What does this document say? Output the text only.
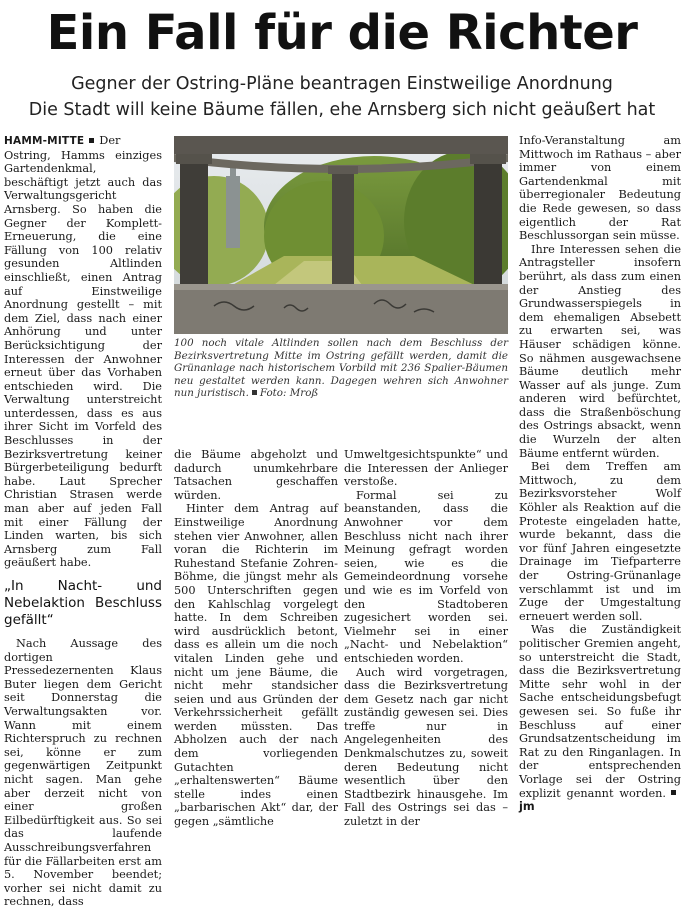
Ein Fall für die Richter
Gegner der Ostring-Pläne beantragen Einstweilige Anordnung
Die Stadt will keine Bäume fällen, ehe Arnsberg sich nicht geäußert hat

HAMM-MITTE Der Ostring, Hamms einziges Gartendenkmal, beschäftigt jetzt auch das Verwaltungsgericht Arnsberg. So haben die Gegner der Komplett-Erneuerung, die eine Fällung von 100 relativ gesunden Altlinden einschließt, einen Antrag auf Einstweilige Anordnung gestellt – mit dem Ziel, dass nach einer Anhörung und unter Berücksichtigung der Interessen der Anwohner erneut über das Vorhaben entschieden wird. Die Verwaltung unterstreicht unterdessen, dass es aus ihrer Sicht im Vorfeld des Beschlusses in der Bezirksvertretung keiner Bürgerbeteiligung bedurft habe. Laut Sprecher Christian Strasen werde man aber auf jeden Fall mit einer Fällung der Linden warten, bis sich Arnsberg zum Fall geäußert habe.

„In Nacht- und Nebelaktion Beschluss gefällt“

Nach Aussage des dortigen Pressedezernenten Klaus Buter liegen dem Gericht seit Donnerstag die Verwaltungsakten vor. Wann mit einem Richterspruch zu rechnen sei, könne er zum gegenwärtigen Zeitpunkt nicht sagen. Man gehe aber derzeit nicht von einer großen Eilbedürftigkeit aus. So sei das laufende Ausschreibungsverfahren für die Fällarbeiten erst am 5. November beendet; vorher sei nicht damit zu rechnen, dass

100 noch vitale Altlinden sollen nach dem Beschluss der Bezirksvertretung Mitte im Ostring gefällt werden, damit die Grünanlage nach historischem Vorbild mit 236 Spalier-Bäumen neu gestaltet werden kann. Dagegen wehren sich Anwohner nun juristisch. Foto: Mroß

die Bäume abgeholzt und dadurch unumkehrbare Tatsachen geschaffen würden.

Hinter dem Antrag auf Einstweilige Anordnung stehen vier Anwohner, allen voran die Richterin im Ruhestand Stefanie Zohren-Böhme, die jüngst mehr als 500 Unterschriften gegen den Kahlschlag vorgelegt hatte. In dem Schreiben wird ausdrücklich betont, dass es allein um die noch vitalen Linden gehe und nicht um jene Bäume, die nicht mehr standsicher seien und aus Gründen der Verkehrssicherheit gefällt werden müssten. Das Abholzen auch der nach dem vorliegenden Gutachten „erhaltenswerten“ Bäume stelle indes einen „barbarischen Akt“ dar, der gegen „sämtliche

Umweltgesichtspunkte“ und die Interessen der Anlieger verstoße.

Formal sei zu beanstanden, dass die Anwohner vor dem Beschluss nicht nach ihrer Meinung gefragt worden seien, wie es die Gemeindeordnung vorsehe und wie es im Vorfeld von den Stadtoberen zugesichert worden sei. Vielmehr sei in einer „Nacht- und Nebelaktion“ entschieden worden.

Auch wird vorgetragen, dass die Bezirksvertretung dem Gesetz nach gar nicht zuständig gewesen sei. Dies treffe nur in Angelegenheiten des Denkmalschutzes zu, soweit deren Bedeutung nicht wesentlich über den Stadtbezirk hinausgehe. Im Fall des Ostrings sei das – zuletzt in der

Info-Veranstaltung am Mittwoch im Rathaus – aber immer von einem Gartendenkmal mit überregionaler Bedeutung die Rede gewesen, so dass eigentlich der Rat Beschlussorgan sein müsse.

Ihre Interessen sehen die Antragsteller insofern berührt, als dass zum einen der Anstieg des Grundwasserspiegels in dem ehemaligen Absebett zu erwarten sei, was Häuser schädigen könne. So nähmen ausgewachsene Bäume deutlich mehr Wasser auf als junge. Zum anderen wird befürchtet, dass die Straßenböschung des Ostrings absackt, wenn die Wurzeln der alten Bäume entfernt würden.

Bei dem Treffen am Mittwoch, zu dem Bezirksvorsteher Wolf Köhler als Reaktion auf die Proteste eingeladen hatte, wurde bekannt, dass die vor fünf Jahren eingesetzte Drainage im Tiefparterre der Ostring-Grünanlage verschlammt ist und im Zuge der Umgestaltung erneuert werden soll.

Was die Zuständigkeit politischer Gremien angeht, so unterstreicht die Stadt, dass die Bezirksvertretung Mitte sehr wohl in der Sache entscheidungsbefugt gewesen sei. So fuße ihr Beschluss auf einer Grundsatzentscheidung im Rat zu den Ringanlagen. In der entsprechenden Vorlage sei der Ostring explizit genannt worden.jm
